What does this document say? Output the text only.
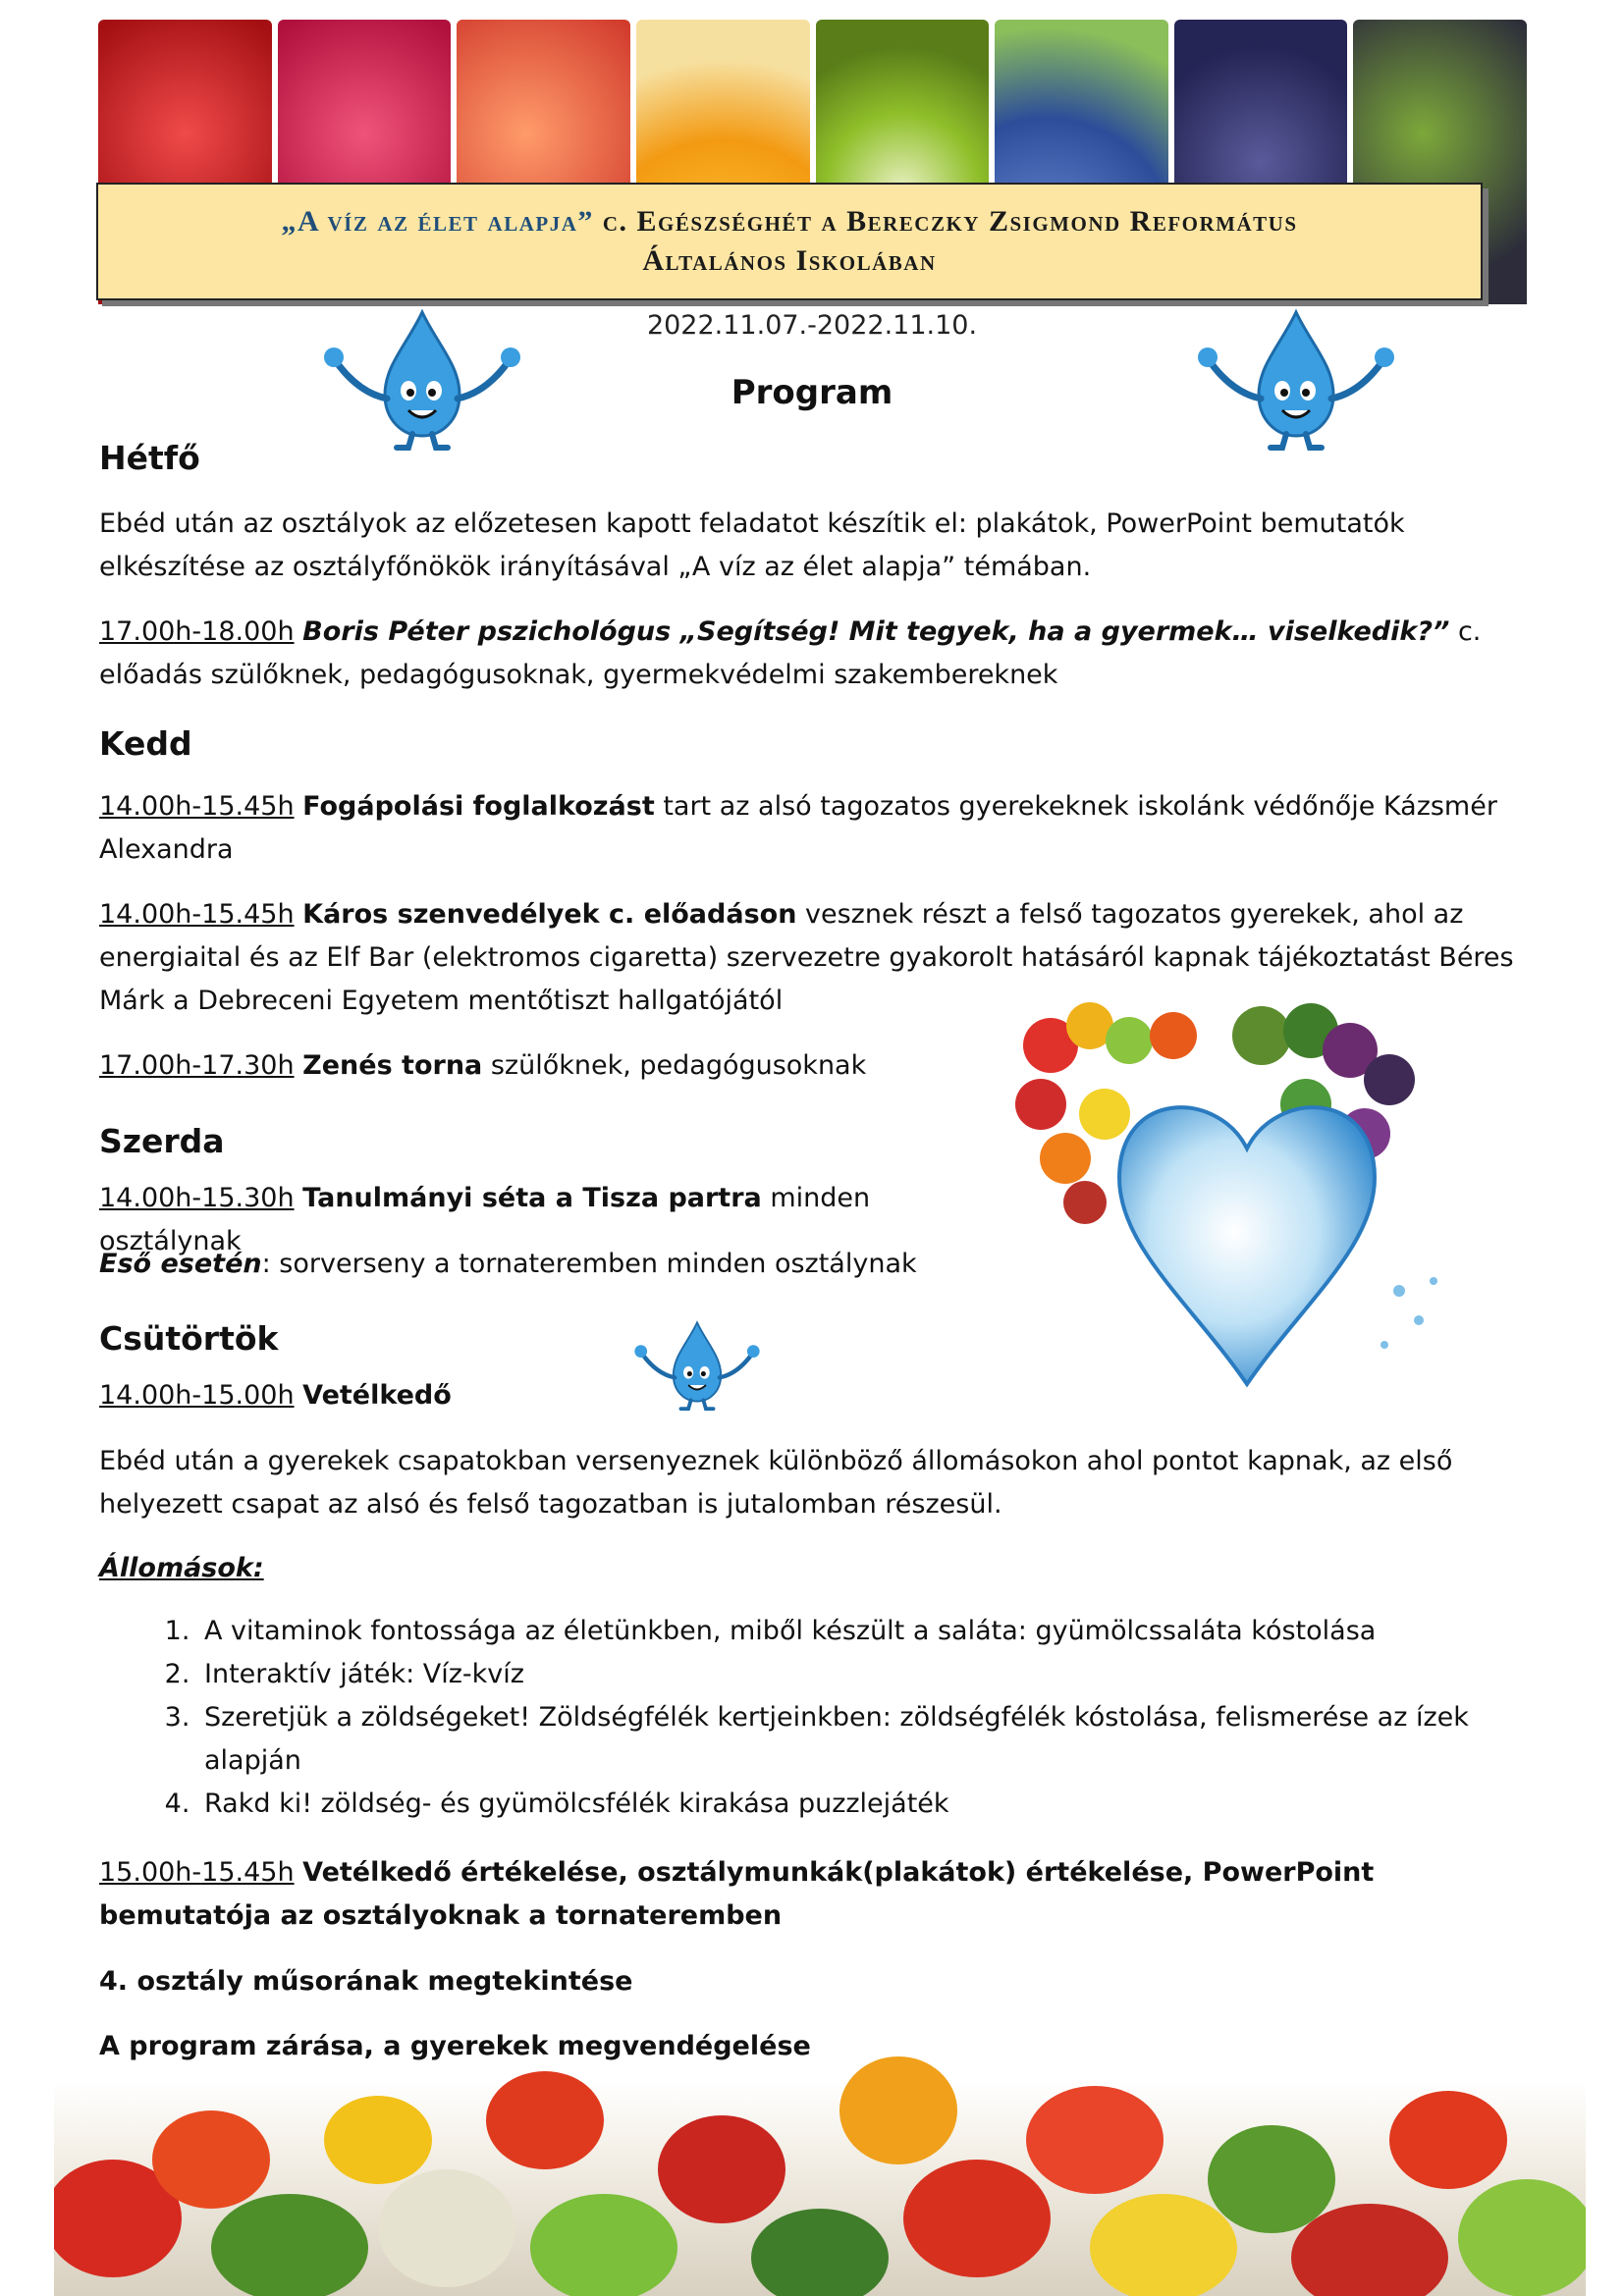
„A víz az élet alapja” c. Egészséghét a Bereczky Zsigmond Református
Általános Iskolában
2022.11.07.-2022.11.10.
Program
Hétfő

Ebéd után az osztályok az előzetesen kapott feladatot készítik el: plakátok, PowerPoint bemutatók elkészítése az osztályfőnökök irányításával „A víz az élet alapja” témában.

17.00h-18.00h Boris Péter pszichológus „Segítség! Mit tegyek, ha a gyermek… viselkedik?” c. előadás szülőknek, pedagógusoknak, gyermekvédelmi szakembereknek

Kedd

14.00h-15.45h Fogápolási foglalkozást tart az alsó tagozatos gyerekeknek iskolánk védőnője Kázsmér Alexandra

14.00h-15.45h Káros szenvedélyek c. előadáson vesznek részt a felső tagozatos gyerekek, ahol az energiaital és az Elf Bar (elektromos cigaretta) szervezetre gyakorolt hatásáról kapnak tájékoztatást Béres Márk a Debreceni Egyetem mentőtiszt hallgatójától

17.00h-17.30h Zenés torna szülőknek, pedagógusoknak

Szerda

14.00h-15.30h Tanulmányi séta a Tisza partra minden osztálynak

Eső esetén: sorverseny a tornateremben minden osztálynak

Csütörtök

14.00h-15.00h Vetélkedő

Ebéd után a gyerekek csapatokban versenyeznek különböző állomásokon ahol pontot kapnak, az első helyezett csapat az alsó és felső tagozatban is jutalomban részesül.

Állomások:

1. A vitaminok fontossága az életünkben, miből készült a saláta: gyümölcssaláta kóstolása
2. Interaktív játék: Víz-kvíz
3. Szeretjük a zöldségeket! Zöldségfélék kertjeinkben: zöldségfélék kóstolása, felismerése az ízek alapján
4. Rakd ki! zöldség- és gyümölcsfélék kirakása puzzlejáték

15.00h-15.45h Vetélkedő értékelése, osztálymunkák(plakátok) értékelése, PowerPoint bemutatója az osztályoknak a tornateremben

4. osztály műsorának megtekintése

A program zárása, a gyerekek megvendégelése
